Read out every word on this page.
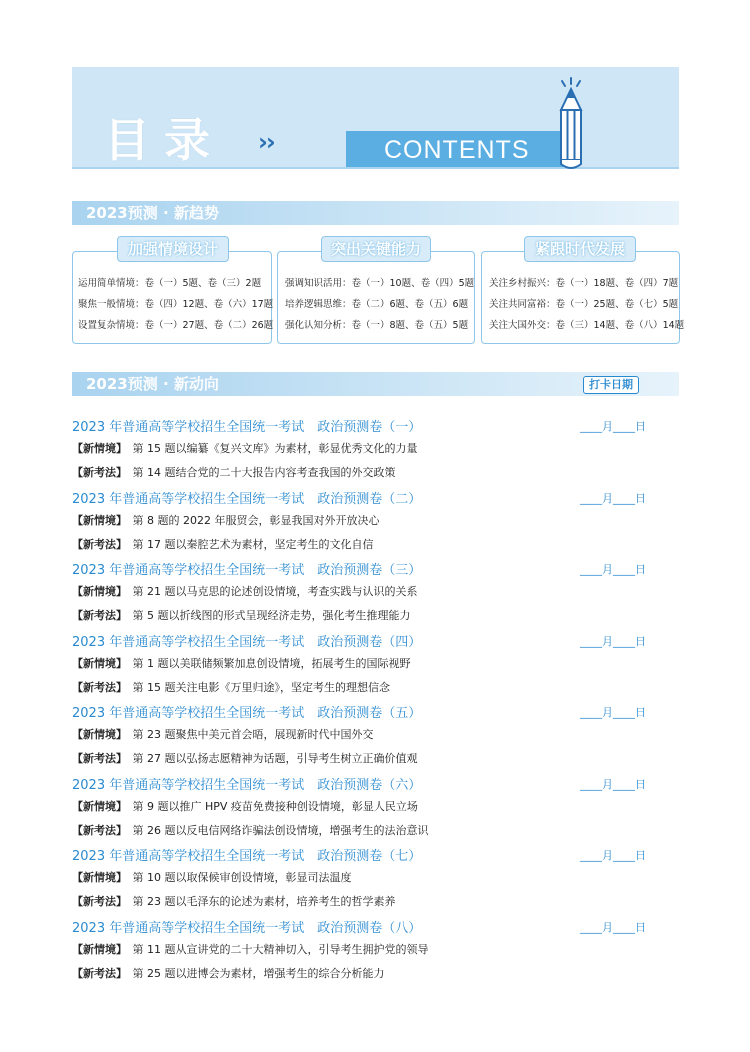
目录 ››	CONTENTS
2023预测 · 新趋势
加强情境设计
运用简单情境：卷（一）5题、卷（三）2题
聚焦一般情境：卷（四）12题、卷（六）17题
设置复杂情境：卷（一）27题、卷（二）26题
突出关键能力
强调知识活用：卷（一）10题、卷（四）5题
培养逻辑思维：卷（二）6题、卷（五）6题
强化认知分析：卷（一）8题、卷（五）5题
紧跟时代发展
关注乡村振兴：卷（一）18题、卷（四）7题
关注共同富裕：卷（一）25题、卷（七）5题
关注大国外交：卷（三）14题、卷（八）14题
2023预测 · 新动向	打卡日期
2023 年普通高等学校招生全国统一考试　政治预测卷（一）	____月____日
【新情境】　 第 15 题以编纂《复兴文库》为素材，彰显优秀文化的力量
【新考法】　 第 14 题结合党的二十大报告内容考查我国的外交政策
2023 年普通高等学校招生全国统一考试　政治预测卷（二）	____月____日
【新情境】　 第 8 题的 2022 年服贸会，彰显我国对外开放决心
【新考法】　 第 17 题以秦腔艺术为素材，坚定考生的文化自信
2023 年普通高等学校招生全国统一考试　政治预测卷（三）	____月____日
【新情境】　 第 21 题以马克思的论述创设情境，考查实践与认识的关系
【新考法】　 第 5 题以折线图的形式呈现经济走势，强化考生推理能力
2023 年普通高等学校招生全国统一考试　政治预测卷（四）	____月____日
【新情境】　 第 1 题以美联储频繁加息创设情境，拓展考生的国际视野
【新考法】　 第 15 题关注电影《万里归途》，坚定考生的理想信念
2023 年普通高等学校招生全国统一考试　政治预测卷（五）	____月____日
【新情境】　 第 23 题聚焦中美元首会晤，展现新时代中国外交
【新考法】　 第 27 题以弘扬志愿精神为话题，引导考生树立正确价值观
2023 年普通高等学校招生全国统一考试　政治预测卷（六）	____月____日
【新情境】　 第 9 题以推广 HPV 疫苗免费接种创设情境，彰显人民立场
【新考法】　 第 26 题以反电信网络诈骗法创设情境，增强考生的法治意识
2023 年普通高等学校招生全国统一考试　政治预测卷（七）	____月____日
【新情境】　 第 10 题以取保候审创设情境，彰显司法温度
【新考法】　 第 23 题以毛泽东的论述为素材，培养考生的哲学素养
2023 年普通高等学校招生全国统一考试　政治预测卷（八）	____月____日
【新情境】　 第 11 题从宣讲党的二十大精神切入，引导考生拥护党的领导
【新考法】　 第 25 题以进博会为素材，增强考生的综合分析能力
